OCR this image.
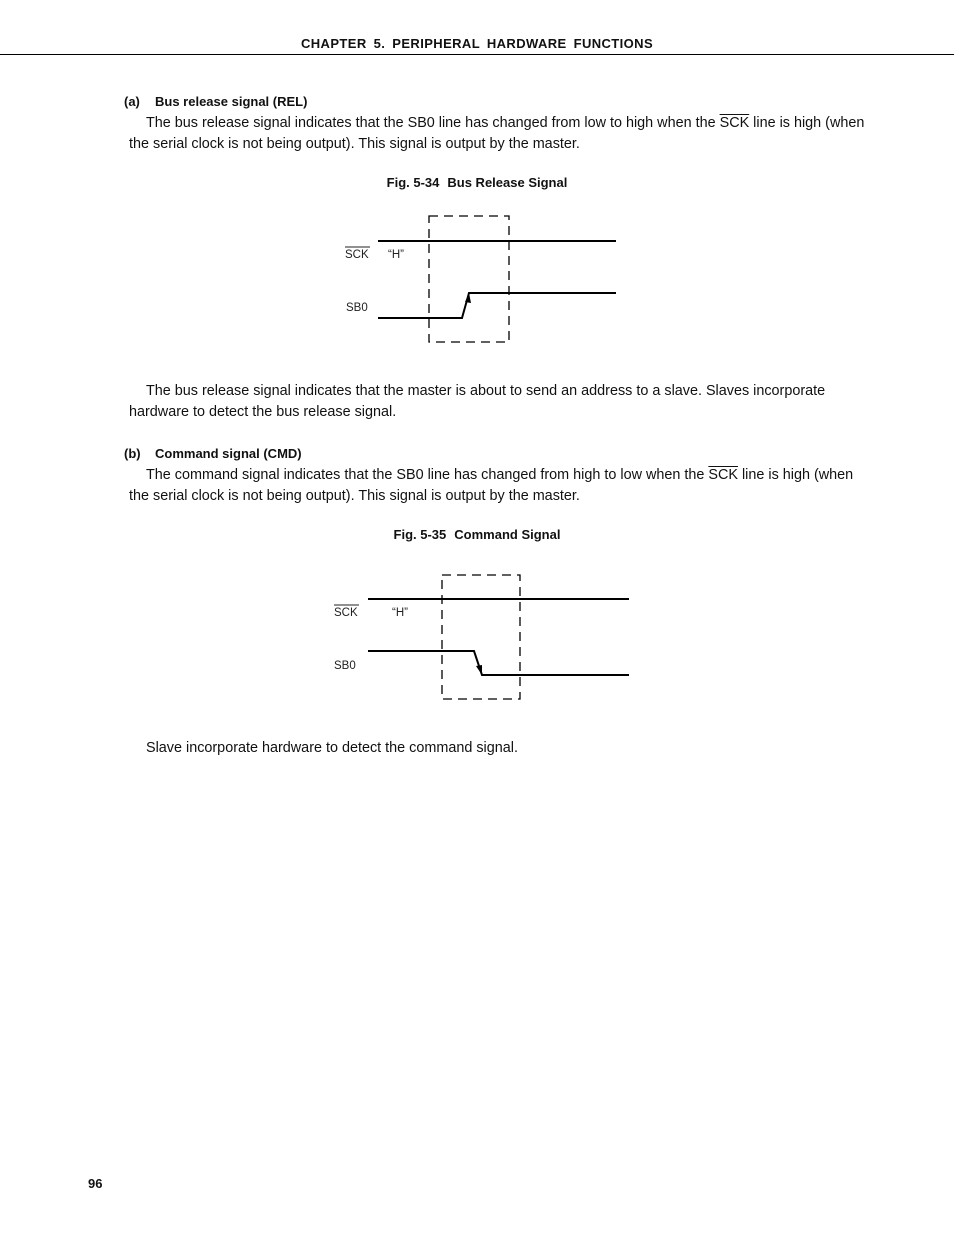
CHAPTER 5. PERIPHERAL HARDWARE FUNCTIONS
(a) Bus release signal (REL)
The bus release signal indicates that the SB0 line has changed from low to high when the $\overline{SCK}$ line is high (when the serial clock is not being output). This signal is output by the master.
Fig. 5-34 Bus Release Signal
SCK “H”
SB0
The bus release signal indicates that the master is about to send an address to a slave. Slaves incorporate hardware to detect the bus release signal.
(b) Command signal (CMD)
The command signal indicates that the SB0 line has changed from high to low when the $\overline{SCK}$ line is high (when the serial clock is not being output). This signal is output by the master.
Fig. 5-35 Command Signal
SCK	“H”
SB0
Slave incorporate hardware to detect the command signal.
96
